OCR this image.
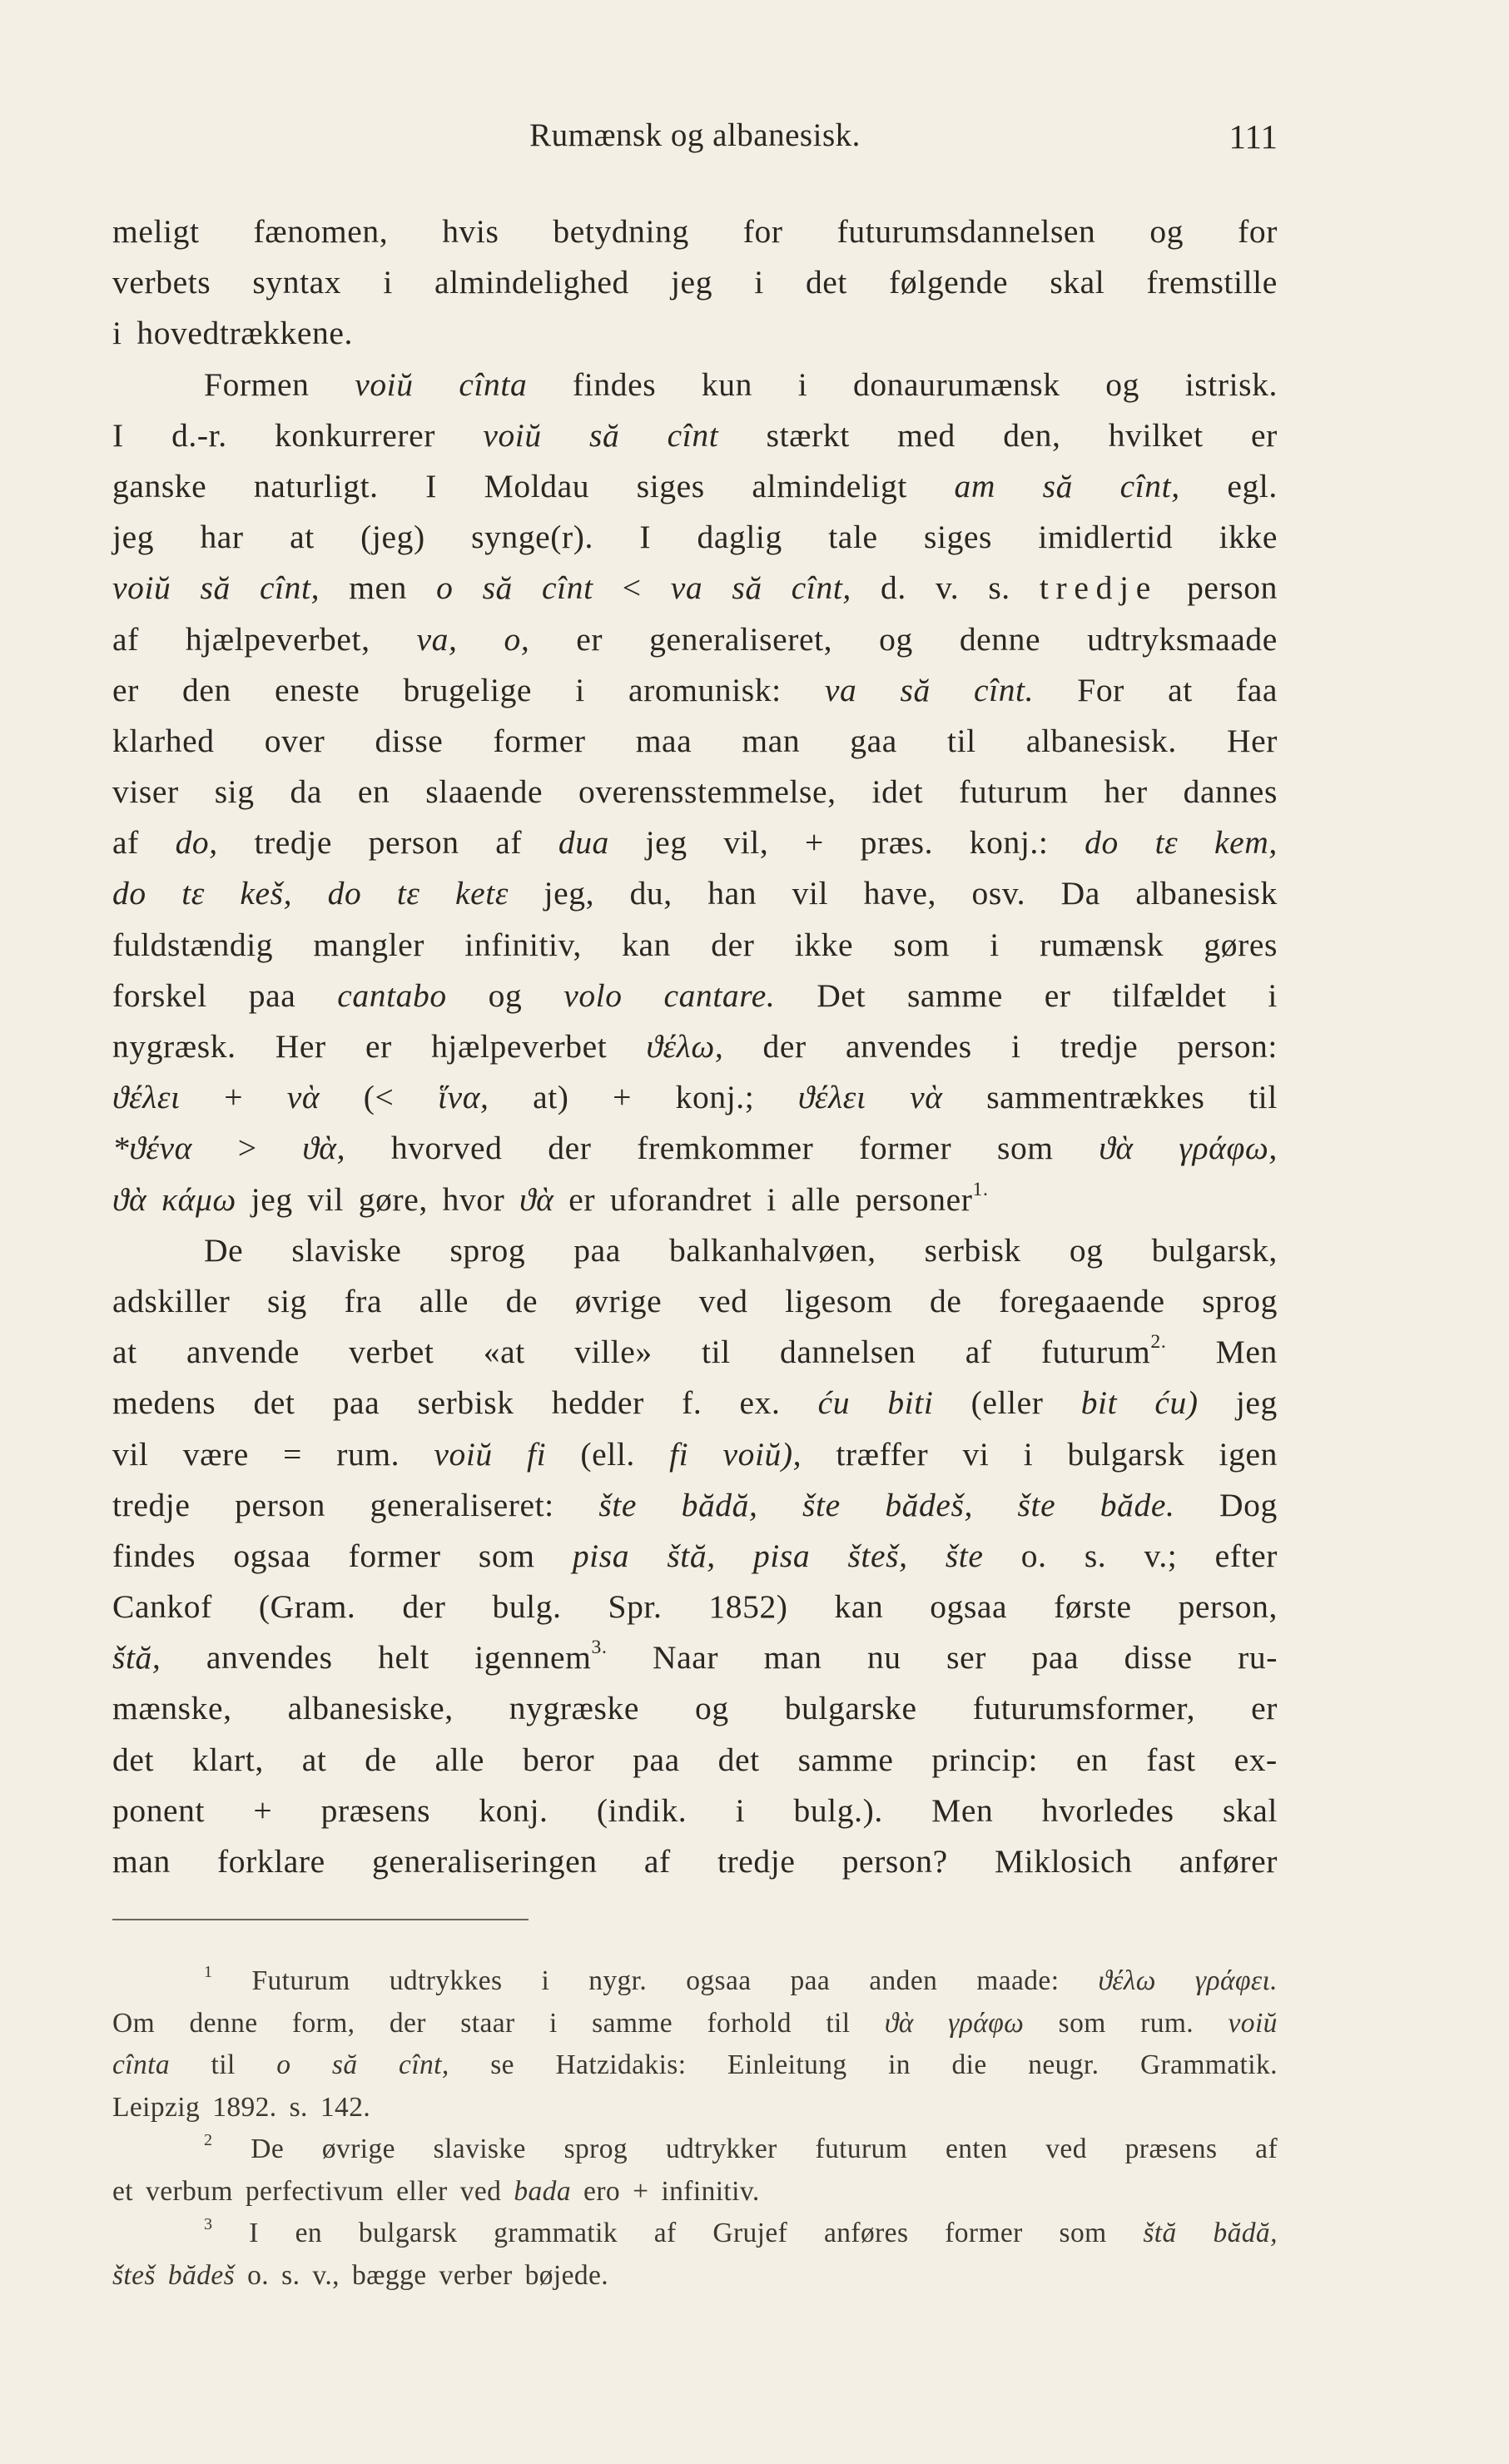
Rumænsk og albanesisk.	111
meligt fænomen, hvis betydning for futurumsdannelsen og for
verbets syntax i almindelighed jeg i det følgende skal fremstille
i hovedtrækkene.
Formen voiŭ cînta findes kun i donaurumænsk og istrisk.
I d.-r. konkurrerer voiŭ să cînt stærkt med den, hvilket er
ganske naturligt. I Moldau siges almindeligt am să cînt, egl.
jeg har at (jeg) synge(r). I daglig tale siges imidlertid ikke
voiŭ să cînt, men o să cînt < va să cînt, d. v. s. tredje person
af hjælpeverbet, va, o, er generaliseret, og denne udtryksmaade
er den eneste brugelige i aromunisk: va să cînt. For at faa
klarhed over disse former maa man gaa til albanesisk. Her
viser sig da en slaaende overensstemmelse, idet futurum her dannes
af do, tredje person af dua jeg vil, + præs. konj.: do tε kem,
do tε keš, do tε ketε jeg, du, han vil have, osv. Da albanesisk
fuldstændig mangler infinitiv, kan der ikke som i rumænsk gøres
forskel paa cantabo og volo cantare. Det samme er tilfældet i
nygræsk. Her er hjælpeverbet ϑέλω, der anvendes i tredje person:
ϑέλει + νὰ (< ἵνα, at) + konj.; ϑέλει νὰ sammentrækkes til
*ϑένα > ϑὰ, hvorved der fremkommer former som ϑὰ γράφω,
ϑὰ κάμω jeg vil gøre, hvor ϑὰ er uforandret i alle personer$^{1.}$
De slaviske sprog paa balkanhalvøen, serbisk og bulgarsk,
adskiller sig fra alle de øvrige ved ligesom de foregaaende sprog
at anvende verbet «at ville» til dannelsen af futurum$^{2.}$ Men
medens det paa serbisk hedder f. ex. ću biti (eller bit ću) jeg
vil være = rum. voiŭ fi (ell. fi voiŭ), træffer vi i bulgarsk igen
tredje person generaliseret: šte bădă, šte bădeš, šte băde. Dog
findes ogsaa former som pisa štă, pisa šteš, šte o. s. v.; efter
Cankof (Gram. der bulg. Spr. 1852) kan ogsaa første person,
štă, anvendes helt igennem$^{3.}$ Naar man nu ser paa disse ru-
mænske, albanesiske, nygræske og bulgarske futurumsformer, er
det klart, at de alle beror paa det samme princip: en fast ex-
ponent + præsens konj. (indik. i bulg.). Men hvorledes skal
man forklare generaliseringen af tredje person? Miklosich anfører
$^1$ Futurum udtrykkes i nygr. ogsaa paa anden maade: ϑέλω γράφει.
Om denne form, der staar i samme forhold til ϑὰ γράφω som rum. voiŭ
cînta til o să cînt, se Hatzidakis: Einleitung in die neugr. Grammatik.
Leipzig 1892. s. 142.
$^2$ De øvrige slaviske sprog udtrykker futurum enten ved præsens af
et verbum perfectivum eller ved bada ero + infinitiv.
$^3$ I en bulgarsk grammatik af Grujef anføres former som štă bădă,
šteš bădeš o. s. v., bægge verber bøjede.
